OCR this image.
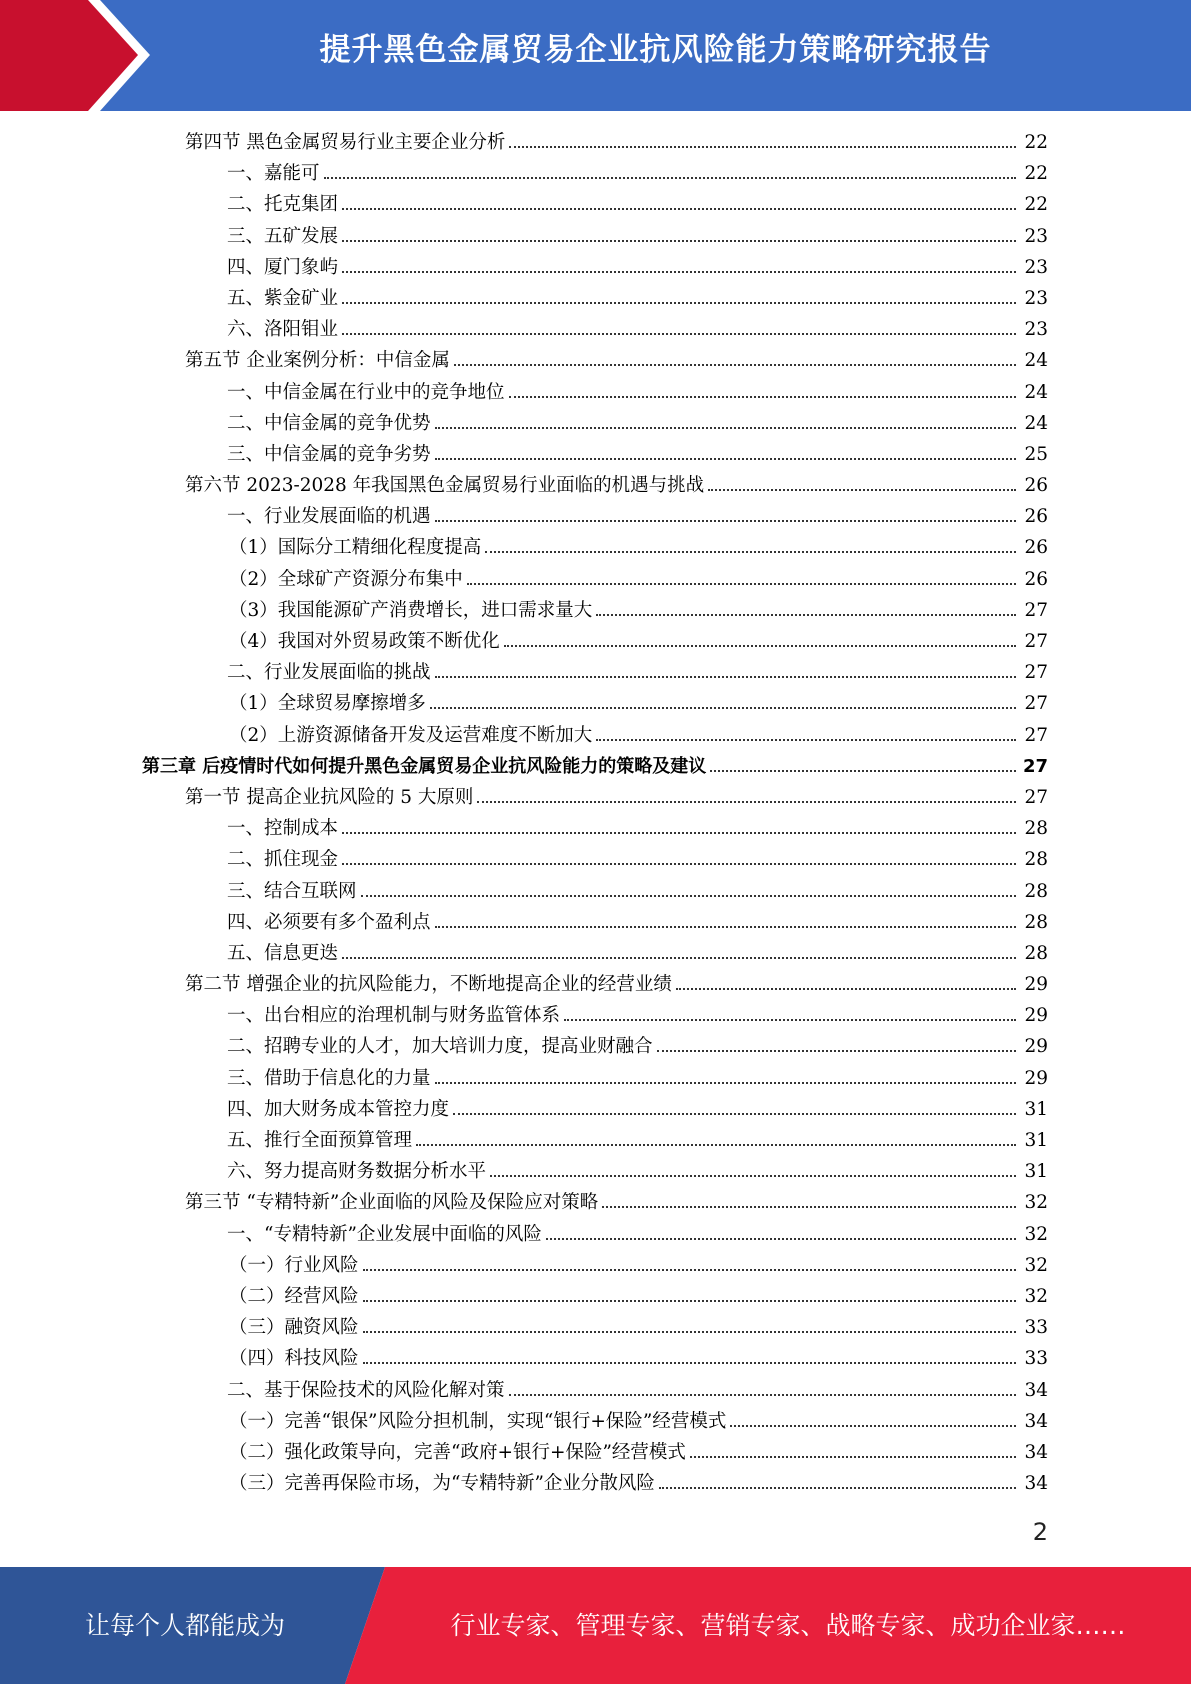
提升黑色金属贸易企业抗风险能力策略研究报告
第四节 黑色金属贸易行业主要企业分析	22
一、嘉能可	22
二、托克集团	22
三、五矿发展	23
四、厦门象屿	23
五、紫金矿业	23
六、洛阳钼业	23
第五节 企业案例分析：中信金属	24
一、中信金属在行业中的竞争地位	24
二、中信金属的竞争优势	24
三、中信金属的竞争劣势	25
第六节 2023-2028 年我国黑色金属贸易行业面临的机遇与挑战	26
一、行业发展面临的机遇	26
（1）国际分工精细化程度提高	26
（2）全球矿产资源分布集中	26
（3）我国能源矿产消费增长，进口需求量大	27
（4）我国对外贸易政策不断优化	27
二、行业发展面临的挑战	27
（1）全球贸易摩擦增多	27
（2）上游资源储备开发及运营难度不断加大	27
第三章 后疫情时代如何提升黑色金属贸易企业抗风险能力的策略及建议	27
第一节 提高企业抗风险的 5 大原则	27
一、控制成本	28
二、抓住现金	28
三、结合互联网	28
四、必须要有多个盈利点	28
五、信息更迭	28
第二节 增强企业的抗风险能力，不断地提高企业的经营业绩	29
一、出台相应的治理机制与财务监管体系	29
二、招聘专业的人才，加大培训力度，提高业财融合	29
三、借助于信息化的力量	29
四、加大财务成本管控力度	31
五、推行全面预算管理	31
六、努力提高财务数据分析水平	31
第三节 “专精特新”企业面临的风险及保险应对策略	32
一、“专精特新”企业发展中面临的风险	32
（一）行业风险	32
（二）经营风险	32
（三）融资风险	33
（四）科技风险	33
二、基于保险技术的风险化解对策	34
（一）完善“银保”风险分担机制，实现“银行+保险”经营模式	34
（二）强化政策导向，完善“政府+银行+保险”经营模式	34
（三）完善再保险市场，为“专精特新”企业分散风险	34
2
让每个人都能成为	行业专家、管理专家、营销专家、战略专家、成功企业家……
